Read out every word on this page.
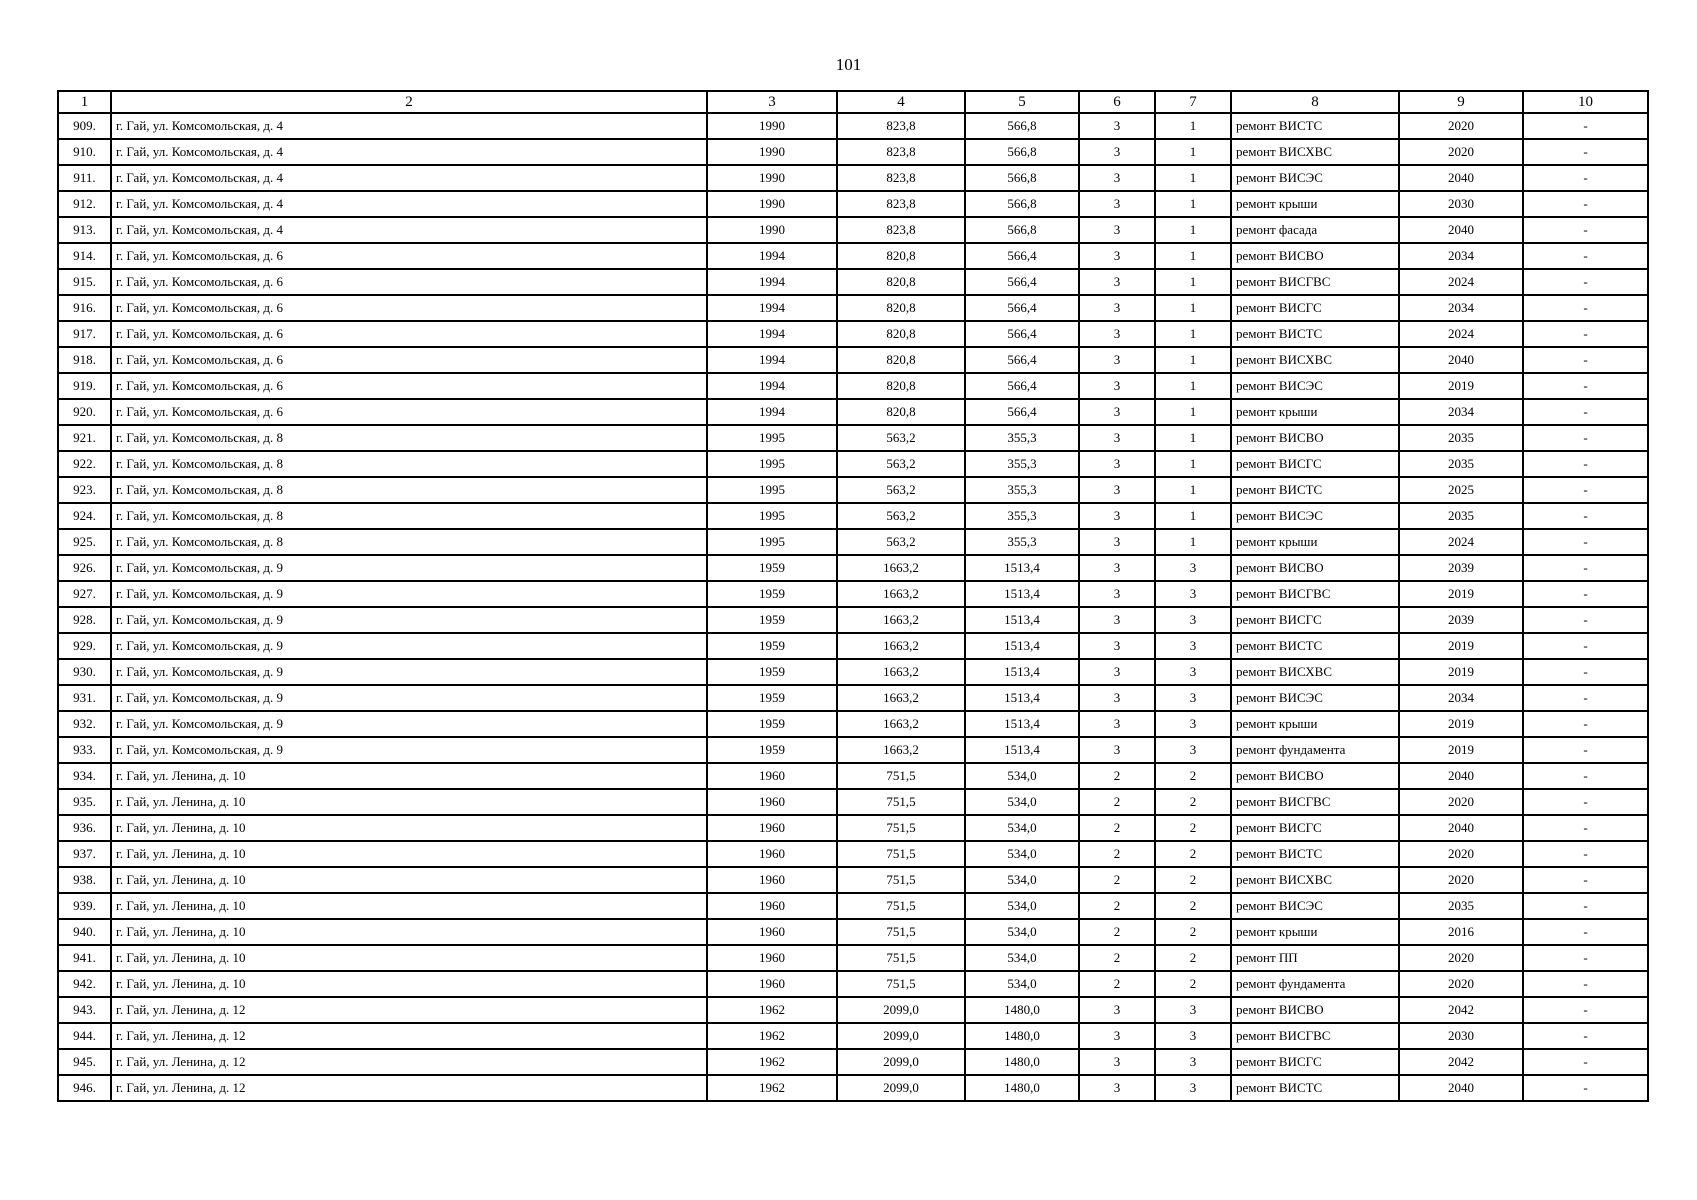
101
1	2	3	4	5	6	7	8	9	10
909.	г. Гай, ул. Комсомольская, д. 4	1990	823,8	566,8	3	1	ремонт ВИСТС	2020	-
910.	г. Гай, ул. Комсомольская, д. 4	1990	823,8	566,8	3	1	ремонт ВИСХВС	2020	-
911.	г. Гай, ул. Комсомольская, д. 4	1990	823,8	566,8	3	1	ремонт ВИСЭС	2040	-
912.	г. Гай, ул. Комсомольская, д. 4	1990	823,8	566,8	3	1	ремонт крыши	2030	-
913.	г. Гай, ул. Комсомольская, д. 4	1990	823,8	566,8	3	1	ремонт фасада	2040	-
914.	г. Гай, ул. Комсомольская, д. 6	1994	820,8	566,4	3	1	ремонт ВИСВО	2034	-
915.	г. Гай, ул. Комсомольская, д. 6	1994	820,8	566,4	3	1	ремонт ВИСГВС	2024	-
916.	г. Гай, ул. Комсомольская, д. 6	1994	820,8	566,4	3	1	ремонт ВИСГС	2034	-
917.	г. Гай, ул. Комсомольская, д. 6	1994	820,8	566,4	3	1	ремонт ВИСТС	2024	-
918.	г. Гай, ул. Комсомольская, д. 6	1994	820,8	566,4	3	1	ремонт ВИСХВС	2040	-
919.	г. Гай, ул. Комсомольская, д. 6	1994	820,8	566,4	3	1	ремонт ВИСЭС	2019	-
920.	г. Гай, ул. Комсомольская, д. 6	1994	820,8	566,4	3	1	ремонт крыши	2034	-
921.	г. Гай, ул. Комсомольская, д. 8	1995	563,2	355,3	3	1	ремонт ВИСВО	2035	-
922.	г. Гай, ул. Комсомольская, д. 8	1995	563,2	355,3	3	1	ремонт ВИСГС	2035	-
923.	г. Гай, ул. Комсомольская, д. 8	1995	563,2	355,3	3	1	ремонт ВИСТС	2025	-
924.	г. Гай, ул. Комсомольская, д. 8	1995	563,2	355,3	3	1	ремонт ВИСЭС	2035	-
925.	г. Гай, ул. Комсомольская, д. 8	1995	563,2	355,3	3	1	ремонт крыши	2024	-
926.	г. Гай, ул. Комсомольская, д. 9	1959	1663,2	1513,4	3	3	ремонт ВИСВО	2039	-
927.	г. Гай, ул. Комсомольская, д. 9	1959	1663,2	1513,4	3	3	ремонт ВИСГВС	2019	-
928.	г. Гай, ул. Комсомольская, д. 9	1959	1663,2	1513,4	3	3	ремонт ВИСГС	2039	-
929.	г. Гай, ул. Комсомольская, д. 9	1959	1663,2	1513,4	3	3	ремонт ВИСТС	2019	-
930.	г. Гай, ул. Комсомольская, д. 9	1959	1663,2	1513,4	3	3	ремонт ВИСХВС	2019	-
931.	г. Гай, ул. Комсомольская, д. 9	1959	1663,2	1513,4	3	3	ремонт ВИСЭС	2034	-
932.	г. Гай, ул. Комсомольская, д. 9	1959	1663,2	1513,4	3	3	ремонт крыши	2019	-
933.	г. Гай, ул. Комсомольская, д. 9	1959	1663,2	1513,4	3	3	ремонт фундамента	2019	-
934.	г. Гай, ул. Ленина, д. 10	1960	751,5	534,0	2	2	ремонт ВИСВО	2040	-
935.	г. Гай, ул. Ленина, д. 10	1960	751,5	534,0	2	2	ремонт ВИСГВС	2020	-
936.	г. Гай, ул. Ленина, д. 10	1960	751,5	534,0	2	2	ремонт ВИСГС	2040	-
937.	г. Гай, ул. Ленина, д. 10	1960	751,5	534,0	2	2	ремонт ВИСТС	2020	-
938.	г. Гай, ул. Ленина, д. 10	1960	751,5	534,0	2	2	ремонт ВИСХВС	2020	-
939.	г. Гай, ул. Ленина, д. 10	1960	751,5	534,0	2	2	ремонт ВИСЭС	2035	-
940.	г. Гай, ул. Ленина, д. 10	1960	751,5	534,0	2	2	ремонт крыши	2016	-
941.	г. Гай, ул. Ленина, д. 10	1960	751,5	534,0	2	2	ремонт ПП	2020	-
942.	г. Гай, ул. Ленина, д. 10	1960	751,5	534,0	2	2	ремонт фундамента	2020	-
943.	г. Гай, ул. Ленина, д. 12	1962	2099,0	1480,0	3	3	ремонт ВИСВО	2042	-
944.	г. Гай, ул. Ленина, д. 12	1962	2099,0	1480,0	3	3	ремонт ВИСГВС	2030	-
945.	г. Гай, ул. Ленина, д. 12	1962	2099,0	1480,0	3	3	ремонт ВИСГС	2042	-
946.	г. Гай, ул. Ленина, д. 12	1962	2099,0	1480,0	3	3	ремонт ВИСТС	2040	-
